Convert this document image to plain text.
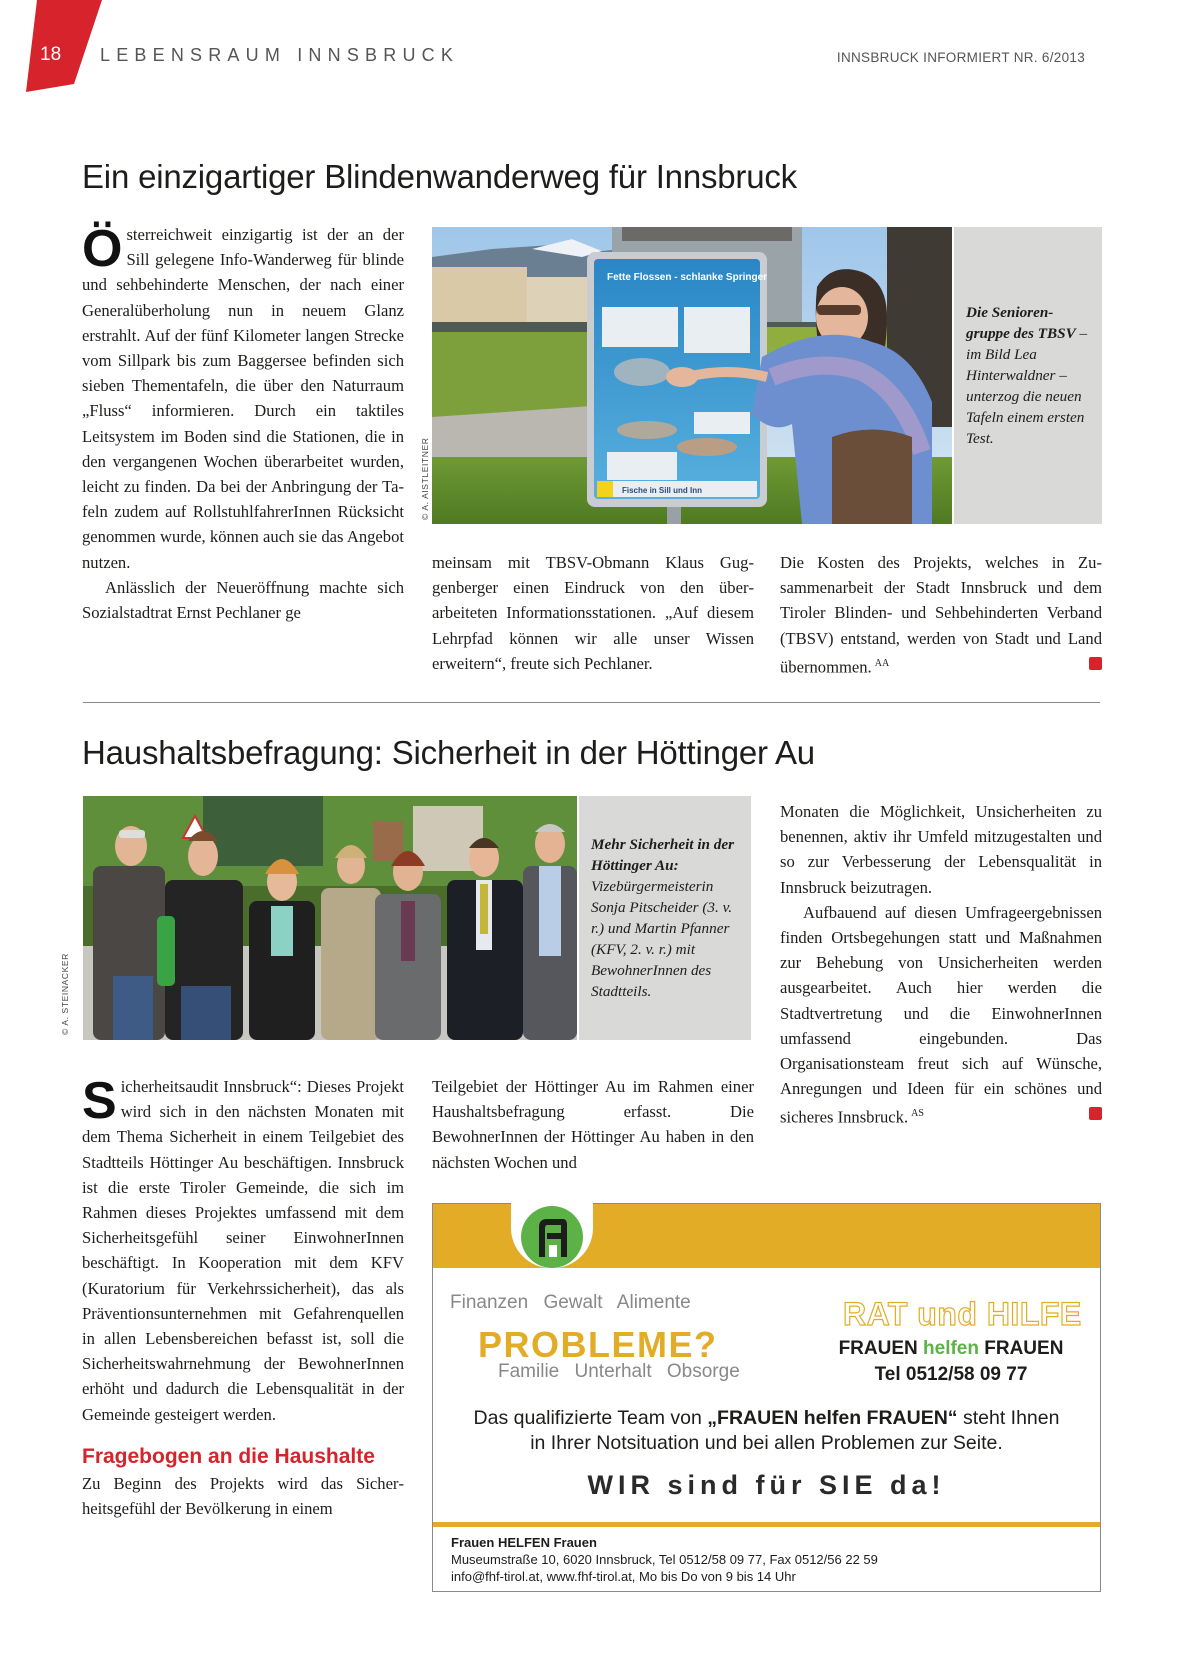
18 LEBENSRAUM INNSBRUCK	INNSBRUCK INFORMIERT NR. 6/2013
Ein einzigartiger Blindenwanderweg für Innsbruck

Österreichweit einzigartig ist der an der Sill gelegene Info-Wanderweg für blinde und sehbehinderte Menschen, der nach einer Generalüberholung nun in neuem Glanz erstrahlt. Auf der fünf Kilometer langen Strecke vom Sillpark bis zum Baggersee befinden sich sieben Thementafeln, die über den Naturraum „Fluss“ informieren. Durch ein taktiles Leitsystem im Boden sind die Stationen, die in den vergangenen Wochen überarbeitet wurden, leicht zu finden. Da bei der Anbringung der Tafeln zudem auf RollstuhlfahrerInnen Rücksicht genommen wurde, können auch sie das Angebot nutzen.

Anlässlich der Neueröffnung machte sich Sozialstadtrat Ernst Pechlaner ge

Fette Flossen - schlanke Springer
Fische in Sill und Inn
© A. AISTLEITNER

Die Seniorengruppe des TBSV – im Bild Lea Hinterwaldner – unterzog die neuen Tafeln einem ersten Test.

meinsam mit TBSV-Obmann Klaus Guggenberger einen Eindruck von den überarbeiteten Informationsstationen. „Auf diesem Lehrpfad können wir alle unser Wissen erweitern“, freute sich Pechlaner.

Die Kosten des Projekts, welches in Zusammenarbeit der Stadt Innsbruck und dem Tiroler Blinden- und Sehbehinderten Verband (TBSV) entstand, werden von Stadt und Land übernommen. $^{AA}$

Haushaltsbefragung: Sicherheit in der Höttinger Au
© A. STEINACKER

Mehr Sicherheit in der Höttinger Au: Vizebürgermeisterin Sonja Pitscheider (3. v. r.) und Martin Pfanner (KFV, 2. v. r.) mit BewohnerInnen des Stadtteils.

Sicherheitsaudit Innsbruck“: Dieses Projekt wird sich in den nächsten Monaten mit dem Thema Sicherheit in einem Teilgebiet des Stadtteils Höttinger Au beschäftigen. Innsbruck ist die erste Tiroler Gemeinde, die sich im Rahmen dieses Projektes umfassend mit dem Sicherheitsgefühl seiner EinwohnerInnen beschäftigt. In Kooperation mit dem KFV (Kuratorium für Verkehrssicherheit), das als Präventionsunternehmen mit Gefahrenquellen in allen Lebensbereichen befasst ist, soll die Sicherheitswahrnehmung der BewohnerInnen erhöht und dadurch die Lebensqualität in der Gemeinde gesteigert werden.

Fragebogen an die Haushalte

Zu Beginn des Projekts wird das Sicherheitsgefühl der Bevölkerung in einem

Teilgebiet der Höttinger Au im Rahmen einer Haushaltsbefragung erfasst. Die BewohnerInnen der Höttinger Au haben in den nächsten Wochen und

Monaten die Möglichkeit, Unsicherheiten zu benennen, aktiv ihr Umfeld mitzugestalten und so zur Verbesserung der Lebensqualität in Innsbruck beizutragen.

Aufbauend auf diesen Umfrageergebnissen finden Ortsbegehungen statt und Maßnahmen zur Behebung von Unsicherheiten werden ausgearbeitet. Auch hier werden die Stadtvertretung und die EinwohnerInnen umfassend eingebunden. Das Organisationsteam freut sich auf Wünsche, Anregungen und Ideen für ein schönes und sicheres Innsbruck. $^{AS}$

Finanzen Gewalt Alimente
PROBLEME?
Familie Unterhalt Obsorge
RAT und HILFE
FRAUEN helfen FRAUEN
Tel 0512/58 09 77
Das qualifizierte Team von „FRAUEN helfen FRAUEN“ steht Ihnen
in Ihrer Notsituation und bei allen Problemen zur Seite.
WIR sind für SIE da!
Frauen HELFEN Frauen
Museumstraße 10, 6020 Innsbruck, Tel 0512/58 09 77, Fax 0512/56 22 59
info@fhf-tirol.at, www.fhf-tirol.at, Mo bis Do von 9 bis 14 Uhr
